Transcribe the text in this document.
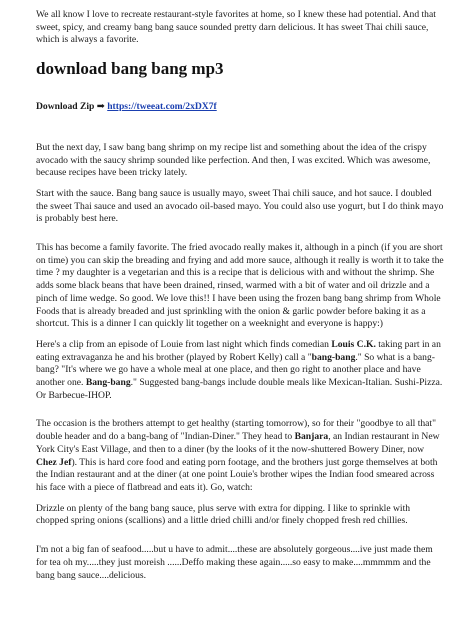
We all know I love to recreate restaurant-style favorites at home, so I knew these had potential. And that sweet, spicy, and creamy bang bang sauce sounded pretty darn delicious. It has sweet Thai chili sauce, which is always a favorite.

download bang bang mp3

Download Zip ➡ https://tweeat.com/2xDX7f

But the next day, I saw bang bang shrimp on my recipe list and something about the idea of the crispy avocado with the saucy shrimp sounded like perfection. And then, I was excited. Which was awesome, because recipes have been tricky lately.

Start with the sauce. Bang bang sauce is usually mayo, sweet Thai chili sauce, and hot sauce. I doubled the sweet Thai sauce and used an avocado oil-based mayo. You could also use yogurt, but I do think mayo is probably best here.

This has become a family favorite. The fried avocado really makes it, although in a pinch (if you are short on time) you can skip the breading and frying and add more sauce, although it really is worth it to take the time ? my daughter is a vegetarian and this is a recipe that is delicious with and without the shrimp. She adds some black beans that have been drained, rinsed, warmed with a bit of water and oil drizzle and a pinch of lime wedge. So good. We love this!! I have been using the frozen bang bang shrimp from Whole Foods that is already breaded and just sprinkling with the onion & garlic powder before baking it as a shortcut. This is a dinner I can quickly lit together on a weeknight and everyone is happy:)

Here's a clip from an episode of Louie from last night which finds comedian Louis C.K. taking part in an eating extravaganza he and his brother (played by Robert Kelly) call a "bang-bang." So what is a bang-bang? "It's where we go have a whole meal at one place, and then go right to another place and have another one. Bang-bang." Suggested bang-bangs include double meals like Mexican-Italian. Sushi-Pizza. Or Barbecue-IHOP.

The occasion is the brothers attempt to get healthy (starting tomorrow), so for their "goodbye to all that" double header and do a bang-bang of "Indian-Diner." They head to Banjara, an Indian restaurant in New York City's East Village, and then to a diner (by the looks of it the now-shuttered Bowery Diner, now Chez Jef). This is hard core food and eating porn footage, and the brothers just gorge themselves at both the Indian restaurant and at the diner (at one point Louie's brother wipes the Indian food smeared across his face with a piece of flatbread and eats it). Go, watch:

Drizzle on plenty of the bang bang sauce, plus serve with extra for dipping. I like to sprinkle with chopped spring onions (scallions) and a little dried chilli and/or finely chopped fresh red chillies.

I'm not a big fan of seafood.....but u have to admit....these are absolutely gorgeous....ive just made them for tea oh my.....they just moreish ......Deffo making these again.....so easy to make....mmmmm and the bang bang sauce....delicious.
